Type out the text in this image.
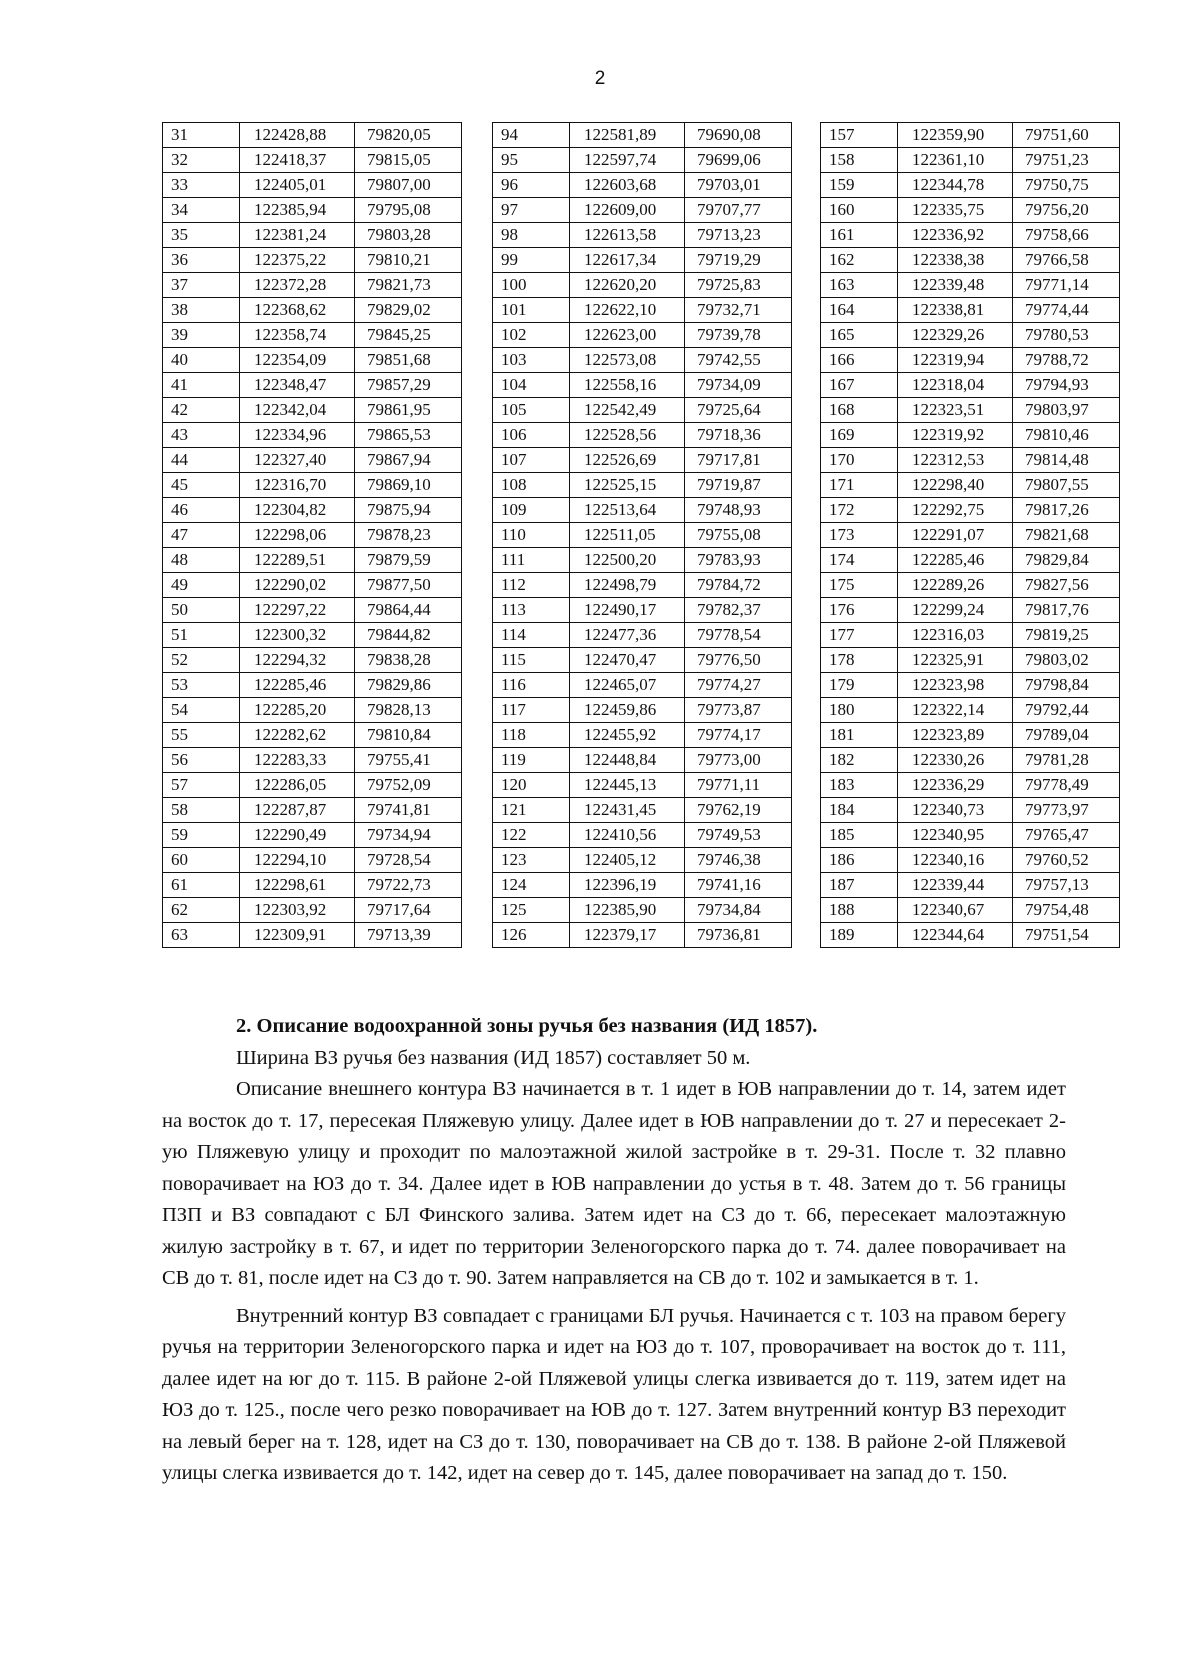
2
31	122428,88	79820,05
32	122418,37	79815,05
33	122405,01	79807,00
34	122385,94	79795,08
35	122381,24	79803,28
36	122375,22	79810,21
37	122372,28	79821,73
38	122368,62	79829,02
39	122358,74	79845,25
40	122354,09	79851,68
41	122348,47	79857,29
42	122342,04	79861,95
43	122334,96	79865,53
44	122327,40	79867,94
45	122316,70	79869,10
46	122304,82	79875,94
47	122298,06	79878,23
48	122289,51	79879,59
49	122290,02	79877,50
50	122297,22	79864,44
51	122300,32	79844,82
52	122294,32	79838,28
53	122285,46	79829,86
54	122285,20	79828,13
55	122282,62	79810,84
56	122283,33	79755,41
57	122286,05	79752,09
58	122287,87	79741,81
59	122290,49	79734,94
60	122294,10	79728,54
61	122298,61	79722,73
62	122303,92	79717,64
63	122309,91	79713,39
94	122581,89	79690,08
95	122597,74	79699,06
96	122603,68	79703,01
97	122609,00	79707,77
98	122613,58	79713,23
99	122617,34	79719,29
100	122620,20	79725,83
101	122622,10	79732,71
102	122623,00	79739,78
103	122573,08	79742,55
104	122558,16	79734,09
105	122542,49	79725,64
106	122528,56	79718,36
107	122526,69	79717,81
108	122525,15	79719,87
109	122513,64	79748,93
110	122511,05	79755,08
111	122500,20	79783,93
112	122498,79	79784,72
113	122490,17	79782,37
114	122477,36	79778,54
115	122470,47	79776,50
116	122465,07	79774,27
117	122459,86	79773,87
118	122455,92	79774,17
119	122448,84	79773,00
120	122445,13	79771,11
121	122431,45	79762,19
122	122410,56	79749,53
123	122405,12	79746,38
124	122396,19	79741,16
125	122385,90	79734,84
126	122379,17	79736,81
157	122359,90	79751,60
158	122361,10	79751,23
159	122344,78	79750,75
160	122335,75	79756,20
161	122336,92	79758,66
162	122338,38	79766,58
163	122339,48	79771,14
164	122338,81	79774,44
165	122329,26	79780,53
166	122319,94	79788,72
167	122318,04	79794,93
168	122323,51	79803,97
169	122319,92	79810,46
170	122312,53	79814,48
171	122298,40	79807,55
172	122292,75	79817,26
173	122291,07	79821,68
174	122285,46	79829,84
175	122289,26	79827,56
176	122299,24	79817,76
177	122316,03	79819,25
178	122325,91	79803,02
179	122323,98	79798,84
180	122322,14	79792,44
181	122323,89	79789,04
182	122330,26	79781,28
183	122336,29	79778,49
184	122340,73	79773,97
185	122340,95	79765,47
186	122340,16	79760,52
187	122339,44	79757,13
188	122340,67	79754,48
189	122344,64	79751,54

2. Описание водоохранной зоны ручья без названия (ИД 1857).

Ширина ВЗ ручья без названия (ИД 1857) составляет 50 м.

Описание внешнего контура ВЗ начинается в т. 1 идет в ЮВ направлении до т. 14, затем идет на восток до т. 17, пересекая Пляжевую улицу. Далее идет в ЮВ направлении до т. 27 и пересекает 2-ую Пляжевую улицу и проходит по малоэтажной жилой застройке в т. 29-31. После т. 32 плавно поворачивает на ЮЗ до т. 34. Далее идет в ЮВ направлении до устья в т. 48. Затем до т. 56 границы ПЗП и ВЗ совпадают с БЛ Финского залива. Затем идет на СЗ до т. 66, пересекает малоэтажную жилую застройку в т. 67, и идет по территории Зеленогорского парка до т. 74. далее поворачивает на СВ до т. 81, после идет на СЗ до т. 90. Затем направляется на СВ до т. 102 и замыкается в т. 1.

Внутренний контур ВЗ совпадает с границами БЛ ручья. Начинается с т. 103 на правом берегу ручья на территории Зеленогорского парка и идет на ЮЗ до т. 107, проворачивает на восток до т. 111, далее идет на юг до т. 115. В районе 2-ой Пляжевой улицы слегка извивается до т. 119, затем идет на ЮЗ до т. 125., после чего резко поворачивает на ЮВ до т. 127. Затем внутренний контур ВЗ переходит на левый берег на т. 128, идет на СЗ до т. 130, поворачивает на СВ до т. 138. В районе 2-ой Пляжевой улицы слегка извивается до т. 142, идет на север до т. 145, далее поворачивает на запад до т. 150.
